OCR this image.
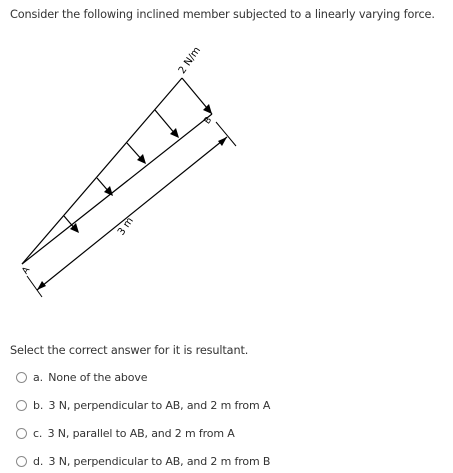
Consider the following inclined member subjected to a linearly varying force.
2 N/m
3 m
A
B
Select the correct answer for it is resultant.
a. None of the above
b. 3 N, perpendicular to AB, and 2 m from A
c. 3 N, parallel to AB, and 2 m from A
d. 3 N, perpendicular to AB, and 2 m from B
